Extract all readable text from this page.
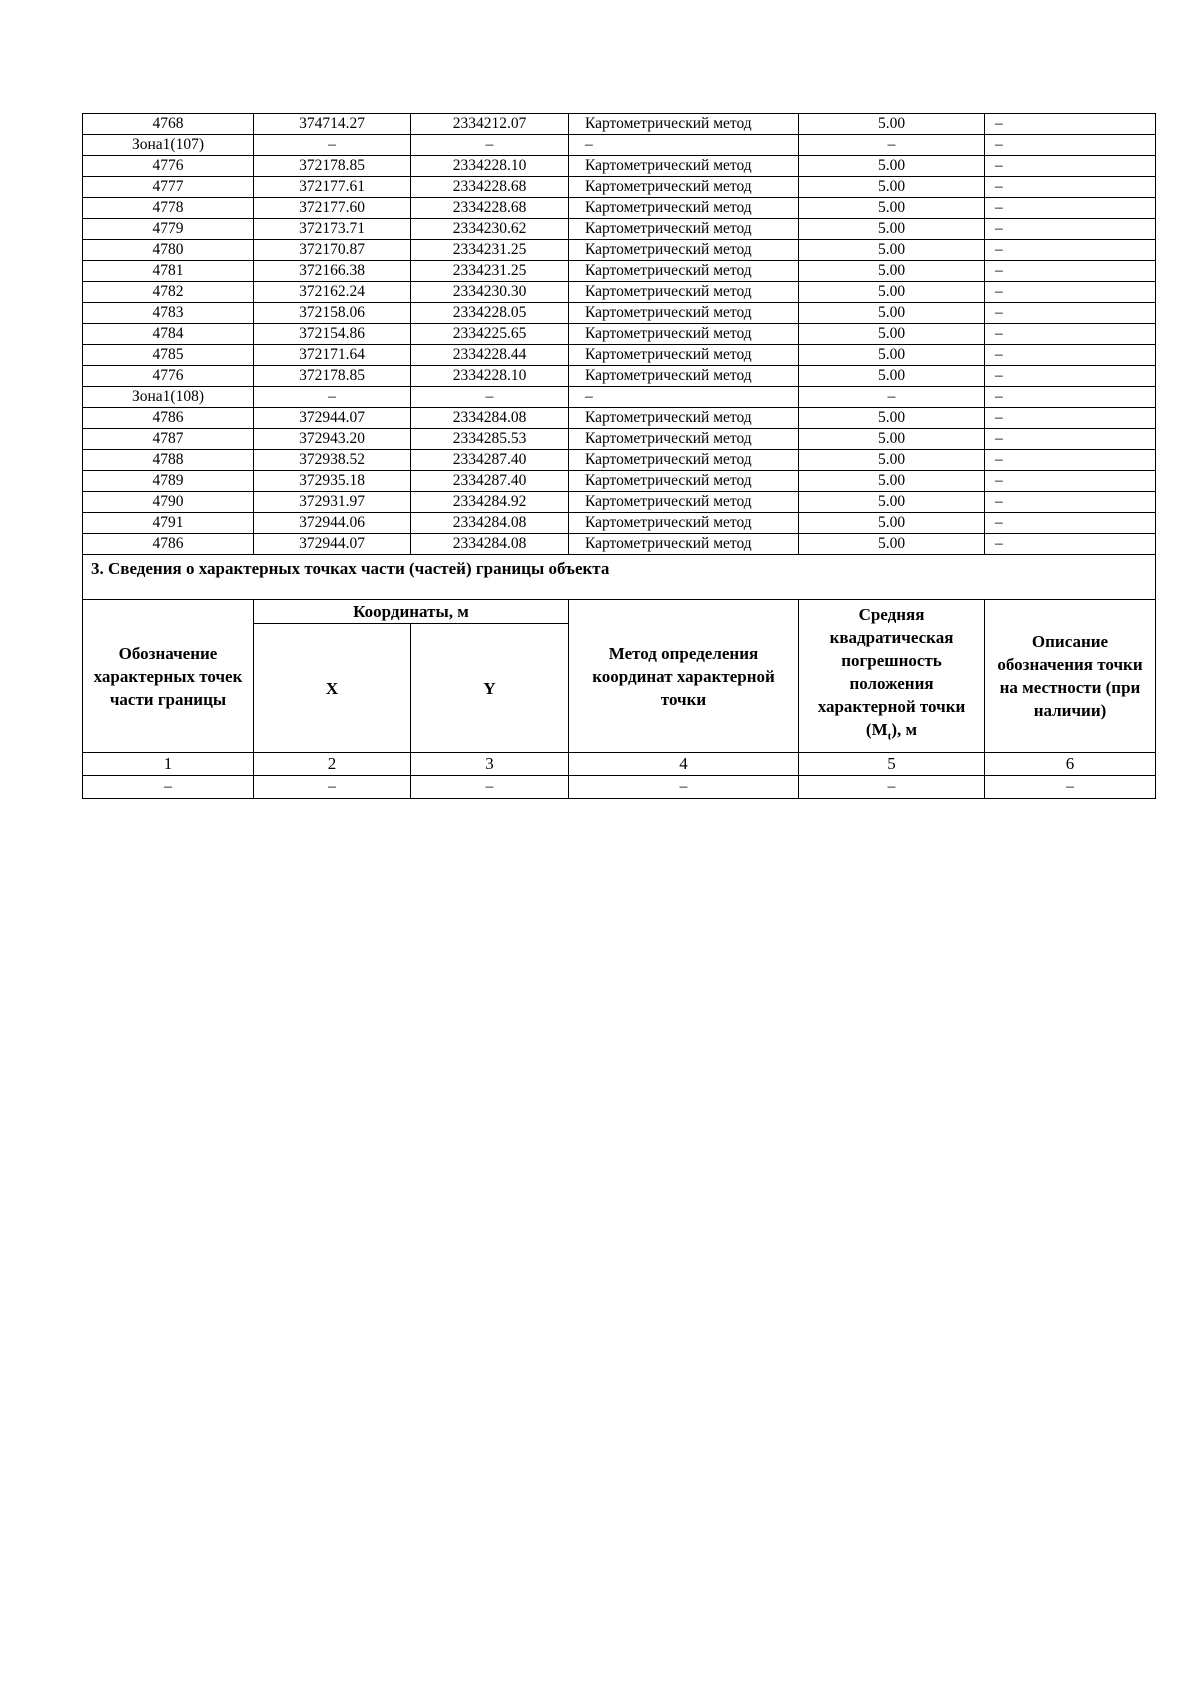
4768	374714.27	2334212.07	Картометрический метод	5.00	–
Зона1(107)	–	–	–	–	–
4776	372178.85	2334228.10	Картометрический метод	5.00	–
4777	372177.61	2334228.68	Картометрический метод	5.00	–
4778	372177.60	2334228.68	Картометрический метод	5.00	–
4779	372173.71	2334230.62	Картометрический метод	5.00	–
4780	372170.87	2334231.25	Картометрический метод	5.00	–
4781	372166.38	2334231.25	Картометрический метод	5.00	–
4782	372162.24	2334230.30	Картометрический метод	5.00	–
4783	372158.06	2334228.05	Картометрический метод	5.00	–
4784	372154.86	2334225.65	Картометрический метод	5.00	–
4785	372171.64	2334228.44	Картометрический метод	5.00	–
4776	372178.85	2334228.10	Картометрический метод	5.00	–
Зона1(108)	–	–	–	–	–
4786	372944.07	2334284.08	Картометрический метод	5.00	–
4787	372943.20	2334285.53	Картометрический метод	5.00	–
4788	372938.52	2334287.40	Картометрический метод	5.00	–
4789	372935.18	2334287.40	Картометрический метод	5.00	–
4790	372931.97	2334284.92	Картометрический метод	5.00	–
4791	372944.06	2334284.08	Картометрический метод	5.00	–
4786	372944.07	2334284.08	Картометрический метод	5.00	–
3. Сведения о характерных точках части (частей) границы объекта					
Обозначение характерных точек части границы	Координаты, м		Метод определения координат характерной точки	Средняя квадратическая погрешность положения характерной точки $(M_t)$, м	Описание обозначения точки на местности (при наличии)
	X	Y			
1	2	3	4	5	6
–	–	–	–	–	–
